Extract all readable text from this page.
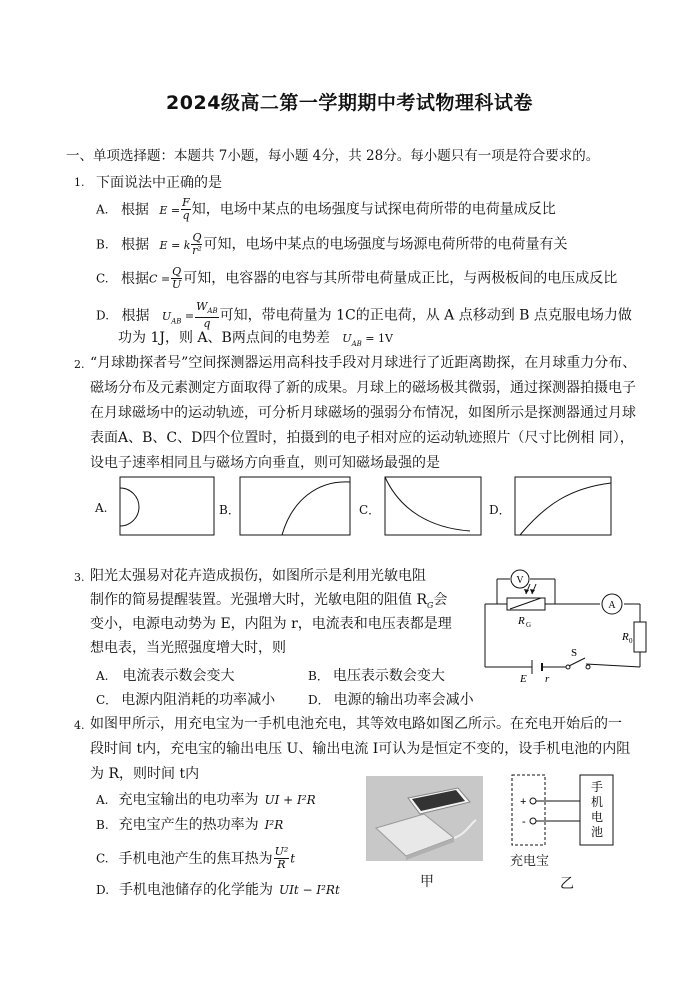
2024级高二第一学期期中考试物理科试卷
一、单项选择题：本题共 7小题，每小题 4分，共 28分。每小题只有一项是符合要求的。
1. 下面说法中正确的是
A. 根据 $E = \frac{F}{q}$ 知，电场中某点的电场强度与试探电荷所带的电荷量成反比
B. 根据 E = k $\frac{Q}{\text{r²}}$ 可知，电场中某点的电场强度与场源电荷所带的电荷量有关
C. 根据$C = \frac{Q}{U}$ 可知，电容器的电容与其所带电荷量成正比，与两极板间的电压成反比
D. 根据 $U_{AB} = \frac{W_{AB}}{q}$ 可知，带电荷量为 1C的正电荷，从 A 点移动到 B 点克服电场力做
功为 1J，则 A、B两点间的电势差 $U_{AB} = 1V$
2. “月球勘探者号”空间探测器运用高科技手段对月球进行了近距离勘探，在月球重力分布、
磁场分布及元素测定方面取得了新的成果。月球上的磁场极其微弱，通过探测器拍摄电子
在月球磁场中的运动轨迹，可分析月球磁场的强弱分布情况，如图所示是探测器通过月球
表面A、B、C、D四个位置时，拍摄到的电子相对应的运动轨迹照片（尺寸比例相 同），
设电子速率相同且与磁场方向垂直，则可知磁场最强的是
A.	B．	C．	D．
3. 阳光太强易对花卉造成损伤，如图所示是利用光敏电阻
制作的简易提醒装置。光强增大时，光敏电阻的阻值 $R_G$会
变小，电源电动势为 E，内阻为 r，电流表和电压表都是理
想电表，当光照强度增大时，则
A. 电流表示数会变大	B． 电压表示数会变大
C． 电源内阻消耗的功率减小	D． 电源的输出功率会减小
V
A
R G
R 0
S
E r
4. 如图甲所示，用充电宝为一手机电池充电，其等效电路如图乙所示。在充电开始后的一
段时间 t内，充电宝的输出电压 U、输出电流 I可认为是恒定不变的，设手机电池的内阻
为 R，则时间 t内
A. 充电宝输出的电功率为 UI + I²R
B. 充电宝产生的热功率为 I²R
C. 手机电池产生的焦耳热为 $\frac{\text{U²}}{R}$ t
D. 手机电池储存的化学能为 UIt − I²Rt	甲
+
-
手
机
电
池
充电宝
乙
